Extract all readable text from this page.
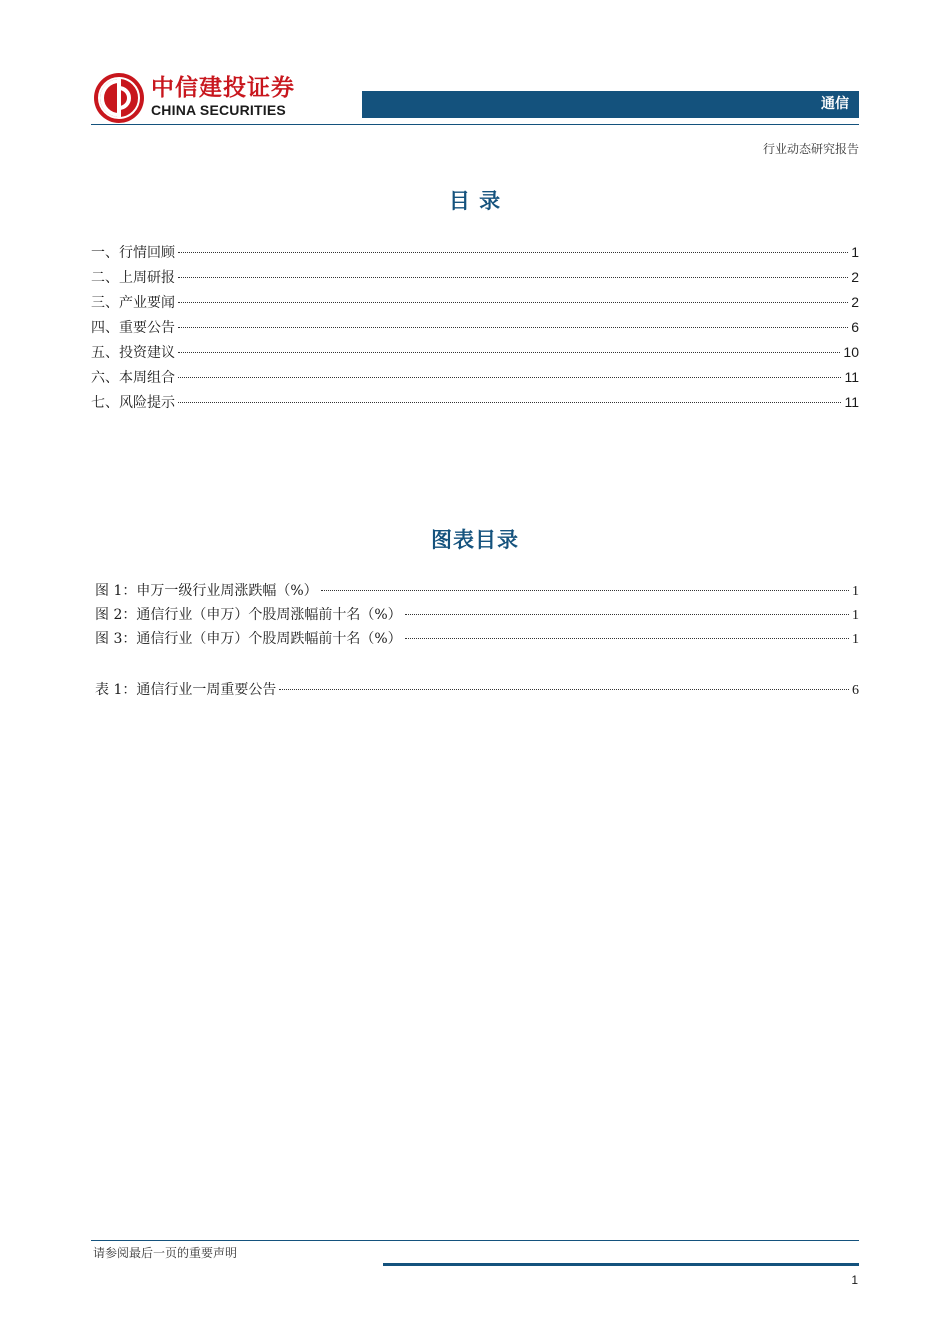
中信建投证券
CHINA SECURITIES	通信
行业动态研究报告
目 录
一、行情回顾	1
二、上周研报	2
三、产业要闻	2
四、重要公告	6
五、投资建议	10
六、本周组合	11
七、风险提示	11
图表目录
图 1：申万一级行业周涨跌幅（%）	1
图 2：通信行业（申万）个股周涨幅前十名（%）	1
图 3：通信行业（申万）个股周跌幅前十名（%）	1
表 1：通信行业一周重要公告	6
请参阅最后一页的重要声明
1
